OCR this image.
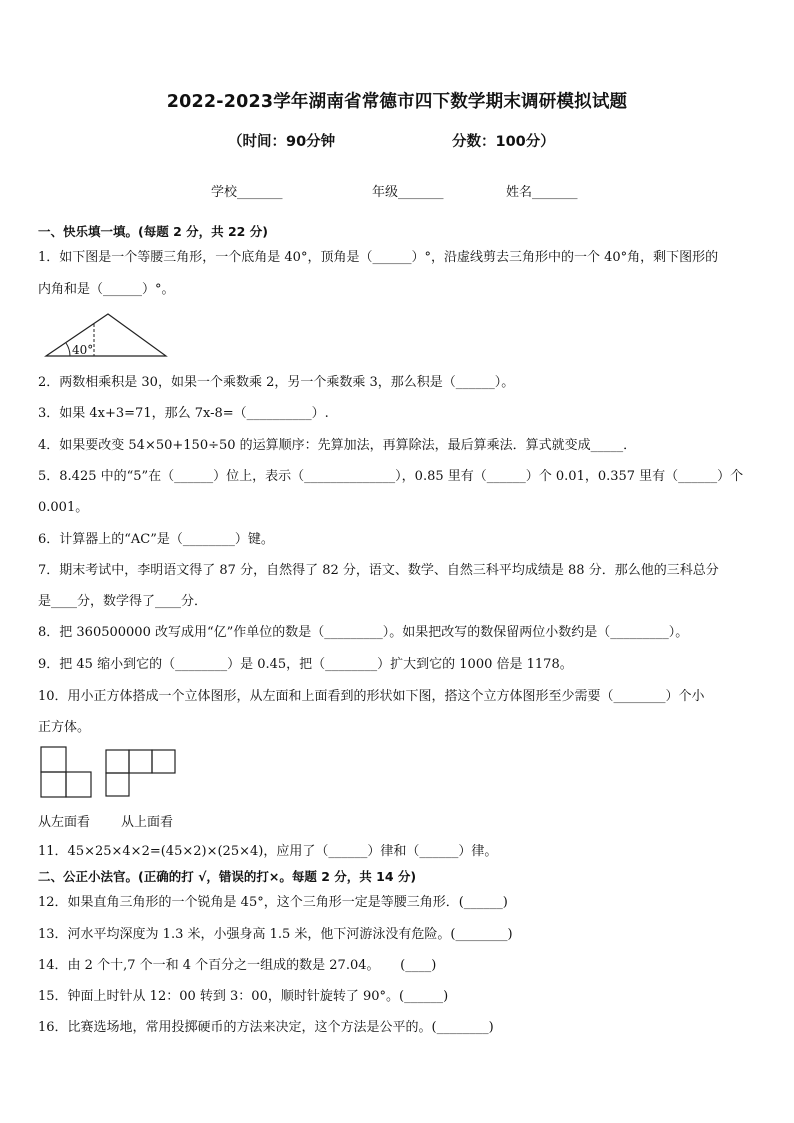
2022-2023学年湖南省常德市四下数学期末调研模拟试题
（时间：90分钟	分数：100分）
学校_______	年级_______	姓名_______
一、快乐填一填。(每题 2 分，共 22 分)
1．如下图是一个等腰三角形，一个底角是 40°，顶角是（______）°，沿虚线剪去三角形中的一个 40°角，剩下图形的
内角和是（______）°。
40°
2．两数相乘积是 30，如果一个乘数乘 2，另一个乘数乘 3，那么积是（______）。
3．如果 4x+3=71，那么 7x-8=（__________）.
4．如果要改变 54×50+150÷50 的运算顺序：先算加法，再算除法，最后算乘法．算式就变成_____．
5．8.425 中的“5”在（______）位上，表示（______________），0.85 里有（______）个 0.01，0.357 里有（______）个
0.001。
6．计算器上的“AC”是（________）键。
7．期末考试中，李明语文得了 87 分，自然得了 82 分，语文、数学、自然三科平均成绩是 88 分．那么他的三科总分
是____分，数学得了____分．
8．把 360500000 改写成用“亿”作单位的数是（_________）。如果把改写的数保留两位小数约是（_________）。
9．把 45 缩小到它的（________）是 0.45，把（________）扩大到它的 1000 倍是 1178。
10．用小正方体搭成一个立体图形，从左面和上面看到的形状如下图，搭这个立方体图形至少需要（________）个小
正方体。
从左面看 从上面看
11．45×25×4×2=(45×2)×(25×4)，应用了（______）律和（______）律。
二、公正小法官。(正确的打 √，错误的打×。每题 2 分，共 14 分)
12．如果直角三角形的一个锐角是 45°，这个三角形一定是等腰三角形．(______)
13．河水平均深度为 1.3 米，小强身高 1.5 米，他下河游泳没有危险。(________)
14．由 2 个十,7 个一和 4 个百分之一组成的数是 27.04。     (____)
15．钟面上时针从 12：00 转到 3：00，顺时针旋转了 90°。(______)
16．比赛选场地，常用投掷硬币的方法来决定，这个方法是公平的。(________)
